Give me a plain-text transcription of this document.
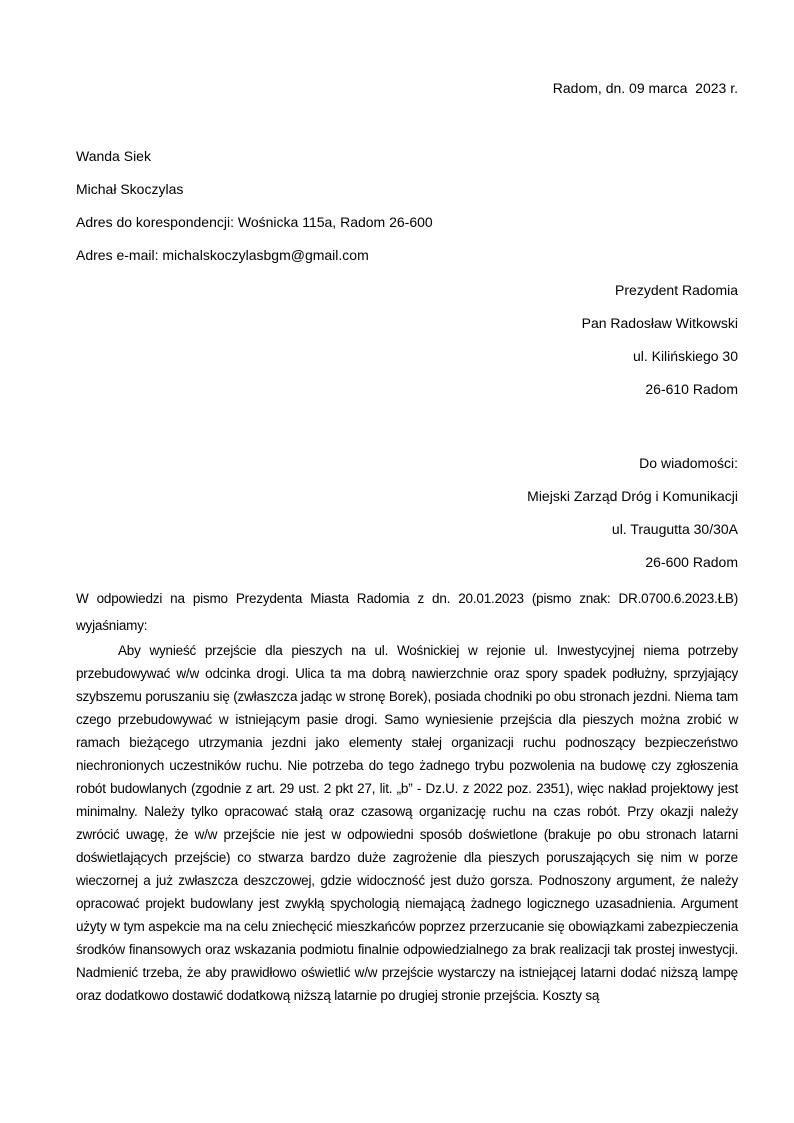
Radom, dn. 09 marca  2023 r.

Wanda Siek

Michał Skoczylas

Adres do korespondencji: Wośnicka 115a, Radom 26-600

Adres e-mail: michalskoczylasbgm@gmail.com

Prezydent Radomia

Pan Radosław Witkowski

ul. Kilińskiego 30

26-610 Radom

Do wiadomości:

Miejski Zarząd Dróg i Komunikacji

ul. Traugutta 30/30A

26-600 Radom

W odpowiedzi na pismo Prezydenta Miasta Radomia z dn. 20.01.2023 (pismo znak: DR.0700.6.2023.ŁB) wyjaśniamy:

Aby wynieść przejście dla pieszych na ul. Wośnickiej w rejonie ul. Inwestycyjnej niema potrzeby przebudowywać w/w odcinka drogi. Ulica ta ma dobrą nawierzchnie oraz spory spadek podłużny, sprzyjający szybszemu poruszaniu się (zwłaszcza jadąc w stronę Borek), posiada chodniki po obu stronach jezdni. Niema tam czego przebudowywać w istniejącym pasie drogi. Samo wyniesienie przejścia dla pieszych można zrobić w ramach bieżącego utrzymania jezdni jako elementy stałej organizacji ruchu podnoszący bezpieczeństwo niechronionych uczestników ruchu. Nie potrzeba do tego żadnego trybu pozwolenia na budowę czy zgłoszenia robót budowlanych (zgodnie z art. 29 ust. 2 pkt 27, lit. „b” - Dz.U. z 2022 poz. 2351), więc nakład projektowy jest minimalny. Należy tylko opracować stałą oraz czasową organizację ruchu na czas robót. Przy okazji należy zwrócić uwagę, że w/w przejście nie jest w odpowiedni sposób doświetlone (brakuje po obu stronach latarni doświetlających przejście) co stwarza bardzo duże zagrożenie dla pieszych poruszających się nim w porze wieczornej a już zwłaszcza deszczowej, gdzie widoczność jest dużo gorsza. Podnoszony argument, że należy opracować projekt budowlany jest zwykłą spychologią niemającą żadnego logicznego uzasadnienia. Argument użyty w tym aspekcie ma na celu zniechęcić mieszkańców poprzez przerzucanie się obowiązkami zabezpieczenia środków finansowych oraz wskazania podmiotu finalnie odpowiedzialnego za brak realizacji tak prostej inwestycji. Nadmienić trzeba, że aby prawidłowo oświetlić w/w przejście wystarczy na istniejącej latarni dodać niższą lampę oraz dodatkowo dostawić dodatkową niższą latarnie po drugiej stronie przejścia. Koszty są
